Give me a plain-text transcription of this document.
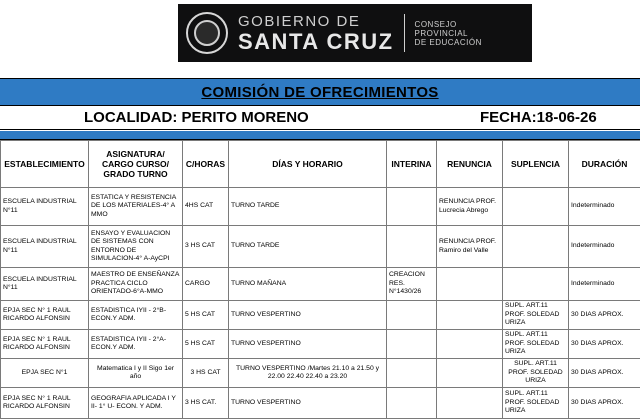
GOBIERNO DE
SANTA CRUZ
CONSEJO
PROVINCIAL
DE EDUCACIÓN
COMISIÓN DE OFRECIMIENTOS
LOCALIDAD: PERITO MORENO	FECHA:18-06-26
ESTABLECIMIENTO	ASIGNATURA/ CARGO CURSO/ GRADO TURNO	C/HORAS	DÍAS Y HORARIO	INTERINA	RENUNCIA	SUPLENCIA	DURACIÓN
ESCUELA INDUSTRIAL N°11	ESTATICA Y RESISTENCIA DE LOS MATERIALES-4° A MMO	4HS CAT	TURNO TARDE		RENUNCIA PROF. Lucrecia Abrego		Indeterminado
ESCUELA INDUSTRIAL N°11	ENSAYO Y EVALUACION DE SISTEMAS CON ENTORNO DE SIMULACION-4° A-AyCPI	3 HS CAT	TURNO TARDE		RENUNCIA PROF. Ramiro del Valle		Indeterminado
ESCUELA INDUSTRIAL N°11	MAESTRO DE ENSEÑANZA PRACTICA CICLO ORIENTADO-6°A-MMO	CARGO	TURNO MAÑANA	CREACION RES. N°1430/26			Indeterminado
EPJA SEC N° 1 RAUL RICARDO ALFONSIN	ESTADISTICA IYII - 2°B- ECON.Y ADM.	5 HS CAT	TURNO VESPERTINO			SUPL. ART.11 PROF. SOLEDAD URIZA	30 DIAS APROX.
EPJA SEC N° 1 RAUL RICARDO ALFONSIN	ESTADISTICA IYII - 2°A- ECON.Y ADM.	5 HS CAT	TURNO VESPERTINO			SUPL. ART.11 PROF. SOLEDAD URIZA	30 DIAS APROX.
EPJA SEC N°1	Matematica I y II Sigo 1er año	3 HS CAT	TURNO VESPERTINO /Martes 21.10 a 21.50 y 22.00 22.40 22.40 a 23.20			SUPL. ART.11 PROF. SOLEDAD URIZA	30 DIAS APROX.
EPJA SEC N° 1 RAUL RICARDO ALFONSIN	GEOGRAFIA APLICADA I Y II- 1° U- ECON. Y ADM.	3 HS CAT.	TURNO VESPERTINO			SUPL. ART.11 PROF. SOLEDAD URIZA	30 DIAS APROX.
